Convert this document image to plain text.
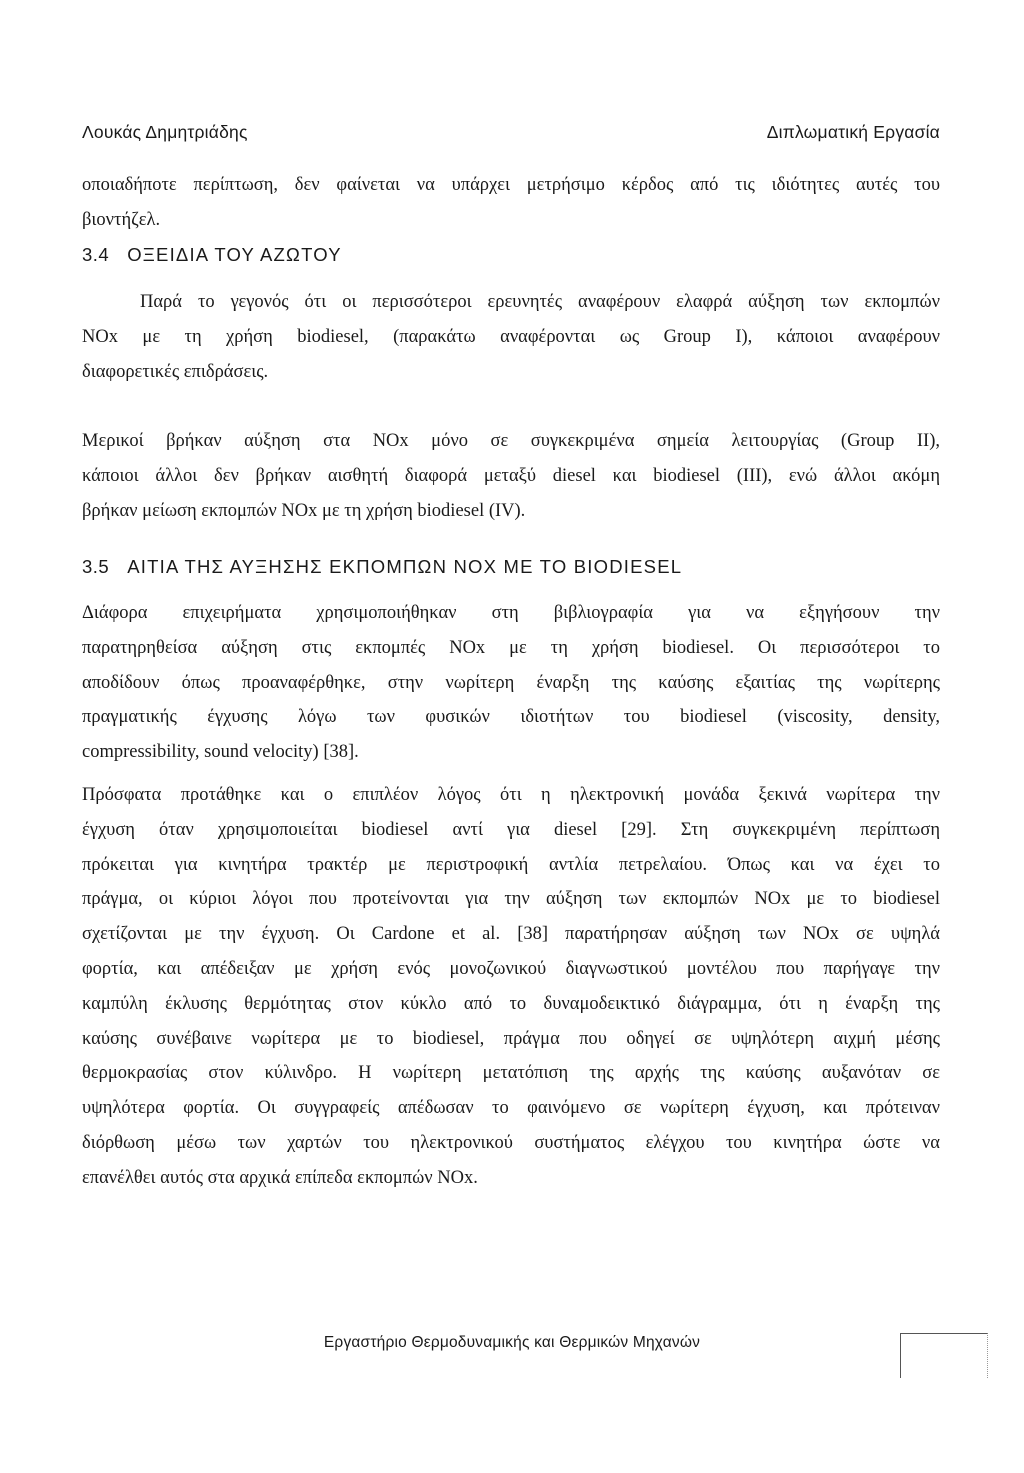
Λουκάς Δημητριάδης	Διπλωματική Εργασία

οποιαδήποτε περίπτωση, δεν φαίνεται να υπάρχει μετρήσιμο κέρδος από τις ιδιότητες αυτές του
βιοντήζελ.

3.4 ΟΞΕΙΔΙΑ ΤΟΥ ΑΖΩΤΟΥ

Παρά το γεγονός ότι οι περισσότεροι ερευνητές αναφέρουν ελαφρά αύξηση των εκπομπών
NOx με τη χρήση biodiesel, (παρακάτω αναφέρονται ως Group I), κάποιοι αναφέρουν
διαφορετικές επιδράσεις.

Μερικοί βρήκαν αύξηση στα NOx μόνο σε συγκεκριμένα σημεία λειτουργίας (Group II),
κάποιοι άλλοι δεν βρήκαν αισθητή διαφορά μεταξύ diesel και biodiesel (III), ενώ άλλοι ακόμη
βρήκαν μείωση εκπομπών NOx με τη χρήση biodiesel (IV).

3.5 ΑΙΤΙΑ ΤΗΣ ΑΥΞΗΣΗΣ ΕΚΠΟΜΠΩΝ NOX ΜΕ ΤΟ BIODIESEL

Διάφορα επιχειρήματα χρησιμοποιήθηκαν στη βιβλιογραφία για να εξηγήσουν την
παρατηρηθείσα αύξηση στις εκπομπές NOx με τη χρήση biodiesel. Οι περισσότεροι το
αποδίδουν όπως προαναφέρθηκε, στην νωρίτερη έναρξη της καύσης εξαιτίας της νωρίτερης
πραγματικής έγχυσης λόγω των φυσικών ιδιοτήτων του biodiesel (viscosity, density,
compressibility, sound velocity) [38].

Πρόσφατα προτάθηκε και ο επιπλέον λόγος ότι η ηλεκτρονική μονάδα ξεκινά νωρίτερα την
έγχυση όταν χρησιμοποιείται biodiesel αντί για diesel [29]. Στη συγκεκριμένη περίπτωση
πρόκειται για κινητήρα τρακτέρ με περιστροφική αντλία πετρελαίου. Όπως και να έχει το
πράγμα, οι κύριοι λόγοι που προτείνονται για την αύξηση των εκπομπών NOx με το biodiesel
σχετίζονται με την έγχυση. Οι Cardone et al. [38] παρατήρησαν αύξηση των NOx σε υψηλά
φορτία, και απέδειξαν με χρήση ενός μονοζωνικού διαγνωστικού μοντέλου που παρήγαγε την
καμπύλη έκλυσης θερμότητας στον κύκλο από το δυναμοδεικτικό διάγραμμα, ότι η έναρξη της
καύσης συνέβαινε νωρίτερα με το biodiesel, πράγμα που οδηγεί σε υψηλότερη αιχμή μέσης
θερμοκρασίας στον κύλινδρο. Η νωρίτερη μετατόπιση της αρχής της καύσης αυξανόταν σε
υψηλότερα φορτία. Οι συγγραφείς απέδωσαν το φαινόμενο σε νωρίτερη έγχυση, και πρότειναν
διόρθωση μέσω των χαρτών του ηλεκτρονικού συστήματος ελέγχου του κινητήρα ώστε να
επανέλθει αυτός στα αρχικά επίπεδα εκπομπών NOx.

Εργαστήριο Θερμοδυναμικής και Θερμικών Μηχανών
